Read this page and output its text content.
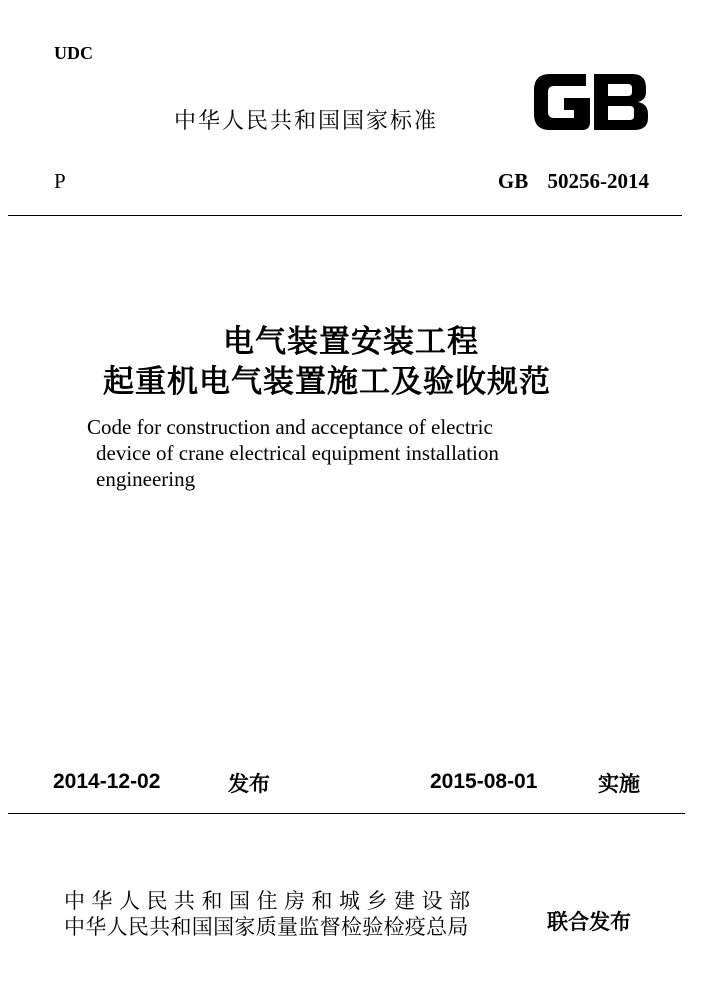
UDC
中华人民共和国国家标准
P	GB 50256-2014
电气装置安装工程
起重机电气装置施工及验收规范
Code for construction and acceptance of electric
device of crane electrical equipment installation
engineering
2014-12-02	发布	2015-08-01	实施
中华人民共和国住房和城乡建设部
中华人民共和国国家质量监督检验检疫总局	联合发布
